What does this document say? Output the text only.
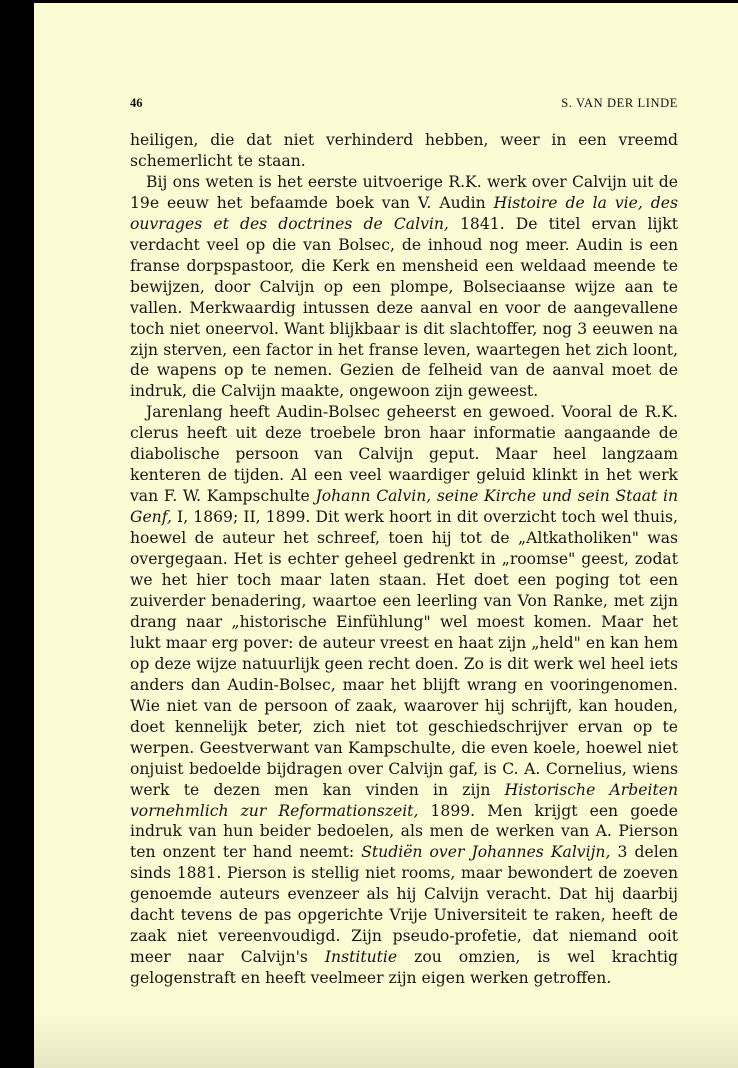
46	S. VAN DER LINDE

heiligen, die dat niet verhinderd hebben, weer in een vreemd schemerlicht te staan.

Bij ons weten is het eerste uitvoerige R.K. werk over Calvijn uit de 19e eeuw het befaamde boek van V. Audin Histoire de la vie, des ouvrages et des doctrines de Calvin, 1841. De titel ervan lijkt verdacht veel op die van Bolsec, de inhoud nog meer. Audin is een franse dorpspastoor, die Kerk en mensheid een weldaad meende te bewijzen, door Calvijn op een plompe, Bolseciaanse wijze aan te vallen. Merkwaardig intussen deze aanval en voor de aangevallene toch niet oneervol. Want blijkbaar is dit slachtoffer, nog 3 eeuwen na zijn sterven, een factor in het franse leven, waartegen het zich loont, de wapens op te nemen. Gezien de felheid van de aanval moet de indruk, die Calvijn maakte, ongewoon zijn geweest.

Jarenlang heeft Audin-Bolsec geheerst en gewoed. Vooral de R.K. clerus heeft uit deze troebele bron haar informatie aangaande de diabolische persoon van Calvijn geput. Maar heel langzaam kenteren de tijden. Al een veel waardiger geluid klinkt in het werk van F. W. Kampschulte Johann Calvin, seine Kirche und sein Staat in Genf, I, 1869; II, 1899. Dit werk hoort in dit overzicht toch wel thuis, hoewel de auteur het schreef, toen hij tot de „Altkatholiken" was overgegaan. Het is echter geheel gedrenkt in „roomse" geest, zodat we het hier toch maar laten staan. Het doet een poging tot een zuiverder benadering, waartoe een leerling van Von Ranke, met zijn drang naar „historische Einfühlung" wel moest komen. Maar het lukt maar erg pover: de auteur vreest en haat zijn „held" en kan hem op deze wijze natuurlijk geen recht doen. Zo is dit werk wel heel iets anders dan Audin-Bolsec, maar het blijft wrang en vooringenomen. Wie niet van de persoon of zaak, waarover hij schrijft, kan houden, doet kennelijk beter, zich niet tot geschiedschrijver ervan op te werpen. Geestverwant van Kampschulte, die even koele, hoewel niet onjuist bedoelde bijdragen over Calvijn gaf, is C. A. Cornelius, wiens werk te dezen men kan vinden in zijn Historische Arbeiten vornehmlich zur Reformationszeit, 1899. Men krijgt een goede indruk van hun beider bedoelen, als men de werken van A. Pierson ten onzent ter hand neemt: Studiën over Johannes Kalvijn, 3 delen sinds 1881. Pierson is stellig niet rooms, maar bewondert de zoeven genoemde auteurs evenzeer als hij Calvijn veracht. Dat hij daarbij dacht tevens de pas opgerichte Vrije Universiteit te raken, heeft de zaak niet vereenvoudigd. Zijn pseudo-profetie, dat niemand ooit meer naar Calvijn's Institutie zou omzien, is wel krachtig gelogenstraft en heeft veelmeer zijn eigen werken getroffen.
